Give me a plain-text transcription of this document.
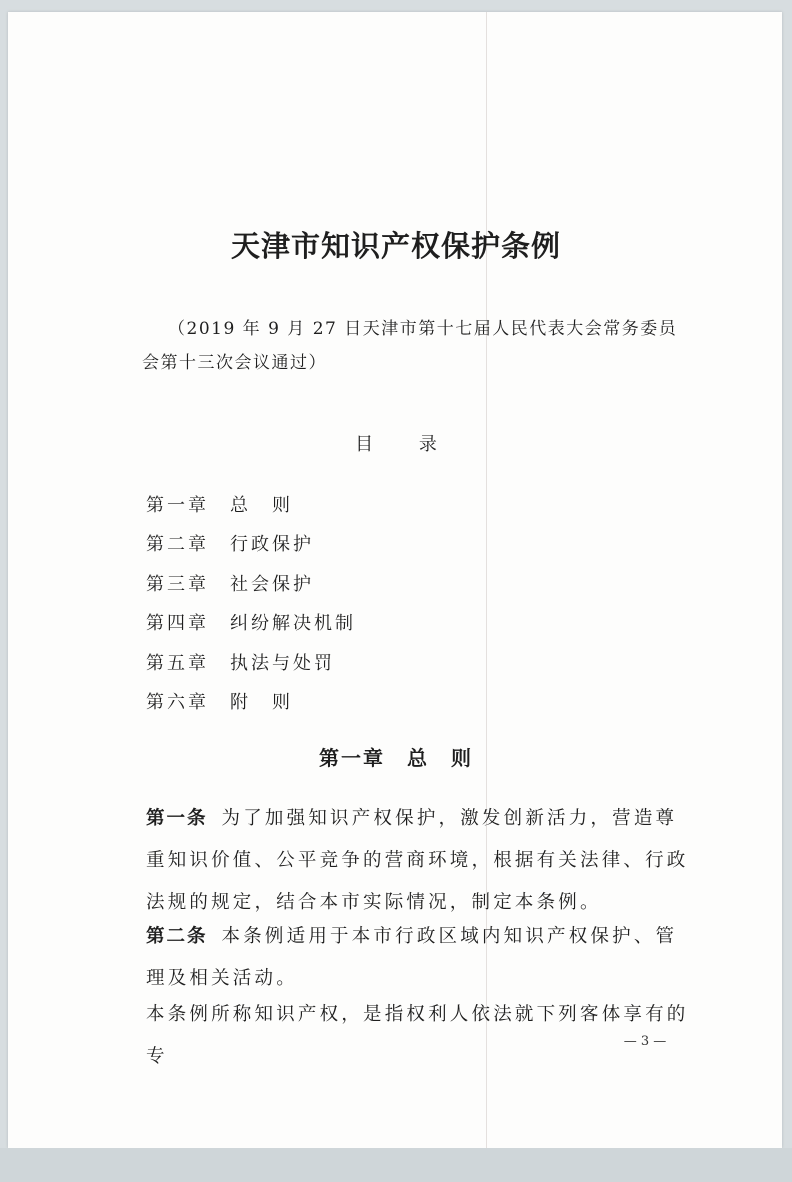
天津市知识产权保护条例

（2019 年 9 月 27 日天津市第十七届人民代表大会常务委员会第十三次会议通过）

目 录

第一章 总　则
第二章 行政保护
第三章 社会保护
第四章 纠纷解决机制
第五章 执法与处罚
第六章 附　则
第一章　总　则

第一条 为了加强知识产权保护，激发创新活力，营造尊重知识价值、公平竞争的营商环境，根据有关法律、行政法规的规定，结合本市实际情况，制定本条例。

第二条 本条例适用于本市行政区域内知识产权保护、管理及相关活动。

本条例所称知识产权，是指权利人依法就下列客体享有的专

— 3 —
